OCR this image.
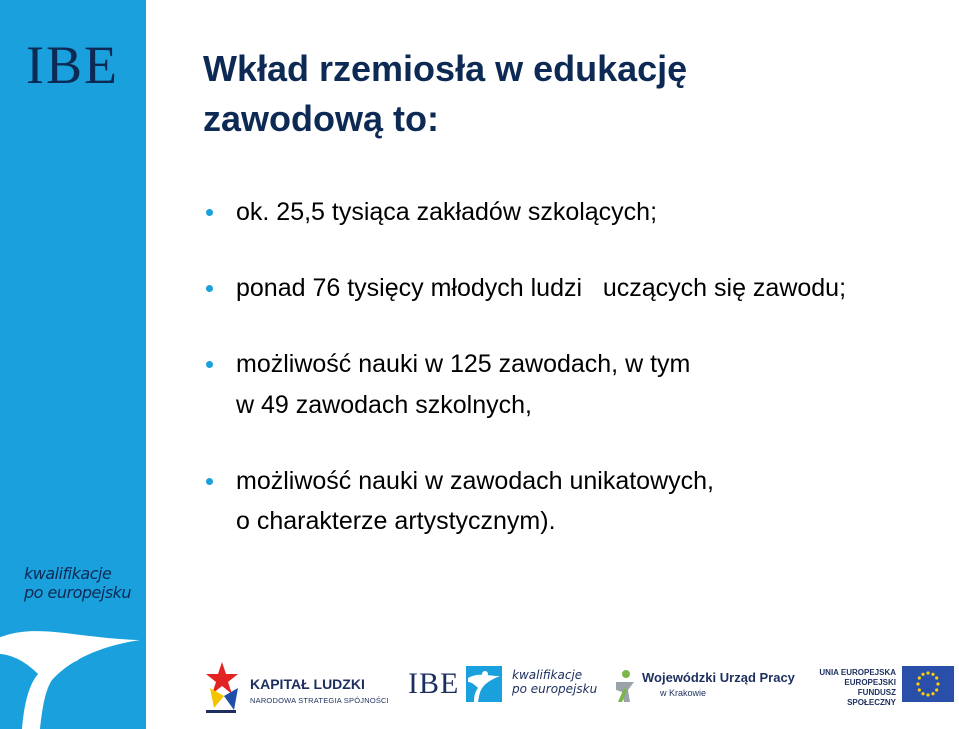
IBE
kwalifikacje
po europejsku
Wkład rzemiosła w edukację
zawodową to:
ok. 25,5 tysiąca zakładów szkolących;
ponad 76 tysięcy młodych ludzi   uczących się zawodu;
możliwość nauki w 125 zawodach, w tym
w 49 zawodach szkolnych,
możliwość nauki w zawodach unikatowych,
o charakterze artystycznym).
KAPITAŁ LUDZKI
NARODOWA STRATEGIA SPÓJNOŚCI
IBE	kwalifikacje
po europejsku
Wojewódzki Urząd Pracy
w Krakowie
UNIA EUROPEJSKA
EUROPEJSKI
FUNDUSZ SPOŁECZNY
